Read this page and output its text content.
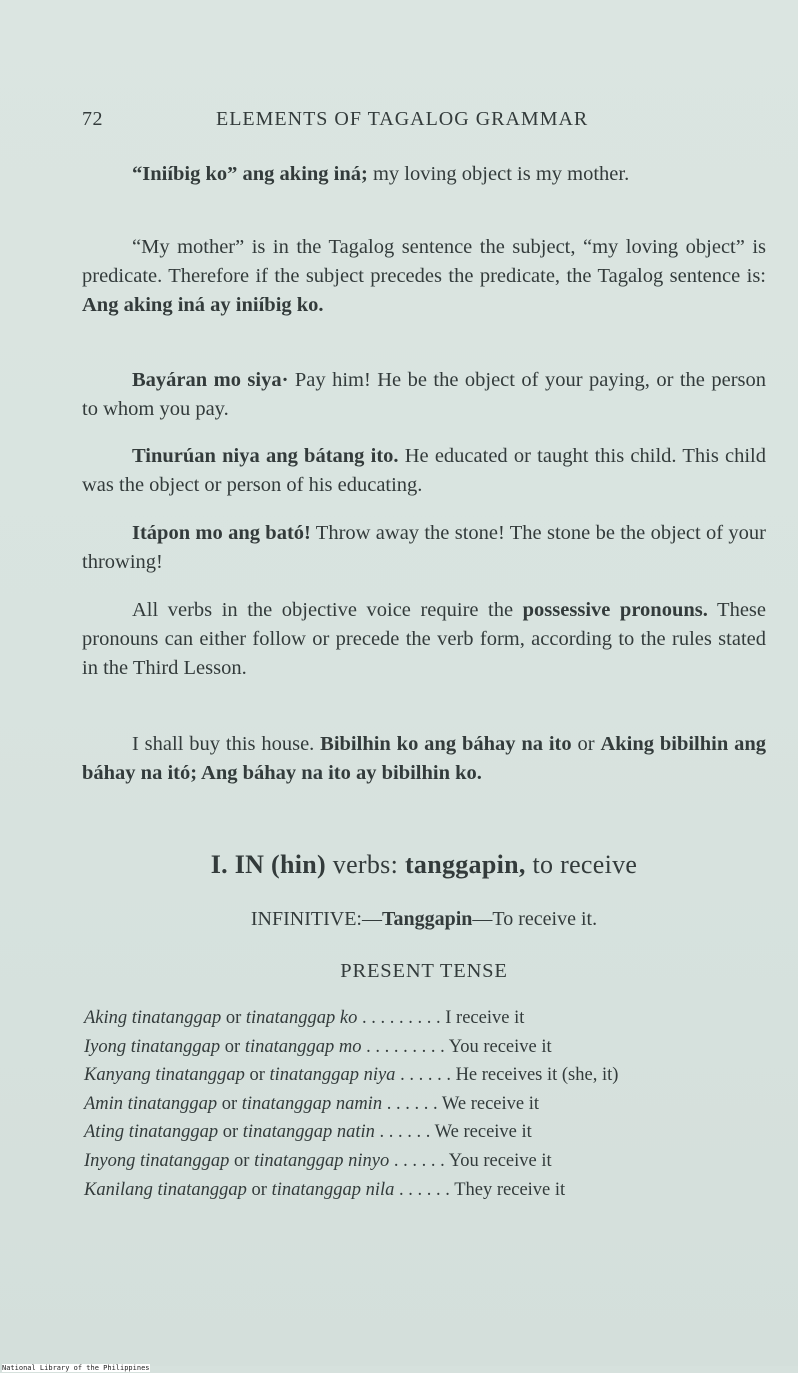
72	ELEMENTS OF TAGALOG GRAMMAR
“Iniíbig ko” ang aking iná; my loving object is my mother.
“My mother” is in the Tagalog sentence the subject, “my loving object” is predicate. Therefore if the subject precedes the predicate, the Tagalog sentence is: Ang aking iná ay iniíbig ko.
Bayáran mo siya· Pay him! He be the object of your paying, or the person to whom you pay.
Tinurúan niya ang bátang ito. He educated or taught this child. This child was the object or person of his educating.
Itápon mo ang bató! Throw away the stone! The stone be the object of your throwing!
All verbs in the objective voice require the possessive pronouns. These pronouns can either follow or precede the verb form, according to the rules stated in the Third Lesson.
I shall buy this house. Bibilhin ko ang báhay na ito or Aking bibilhin ang báhay na itó; Ang báhay na ito ay bibilhin ko.
I. IN (hin) verbs: tanggapin, to receive
INFINITIVE:—Tanggapin—To receive it.
PRESENT TENSE
Aking tinatanggap or tinatanggap ko . . . . . . . . . I receive it
Iyong tinatanggap or tinatanggap mo . . . . . . . . . You receive it
Kanyang tinatanggap or tinatanggap niya . . . . . . He receives it (she, it)
Amin tinatanggap or tinatanggap namin . . . . . . We receive it
Ating tinatanggap or tinatanggap natin . . . . . . We receive it
Inyong tinatanggap or tinatanggap ninyo . . . . . . You receive it
Kanilang tinatanggap or tinatanggap nila . . . . . . They receive it
National Library of the Philippines
